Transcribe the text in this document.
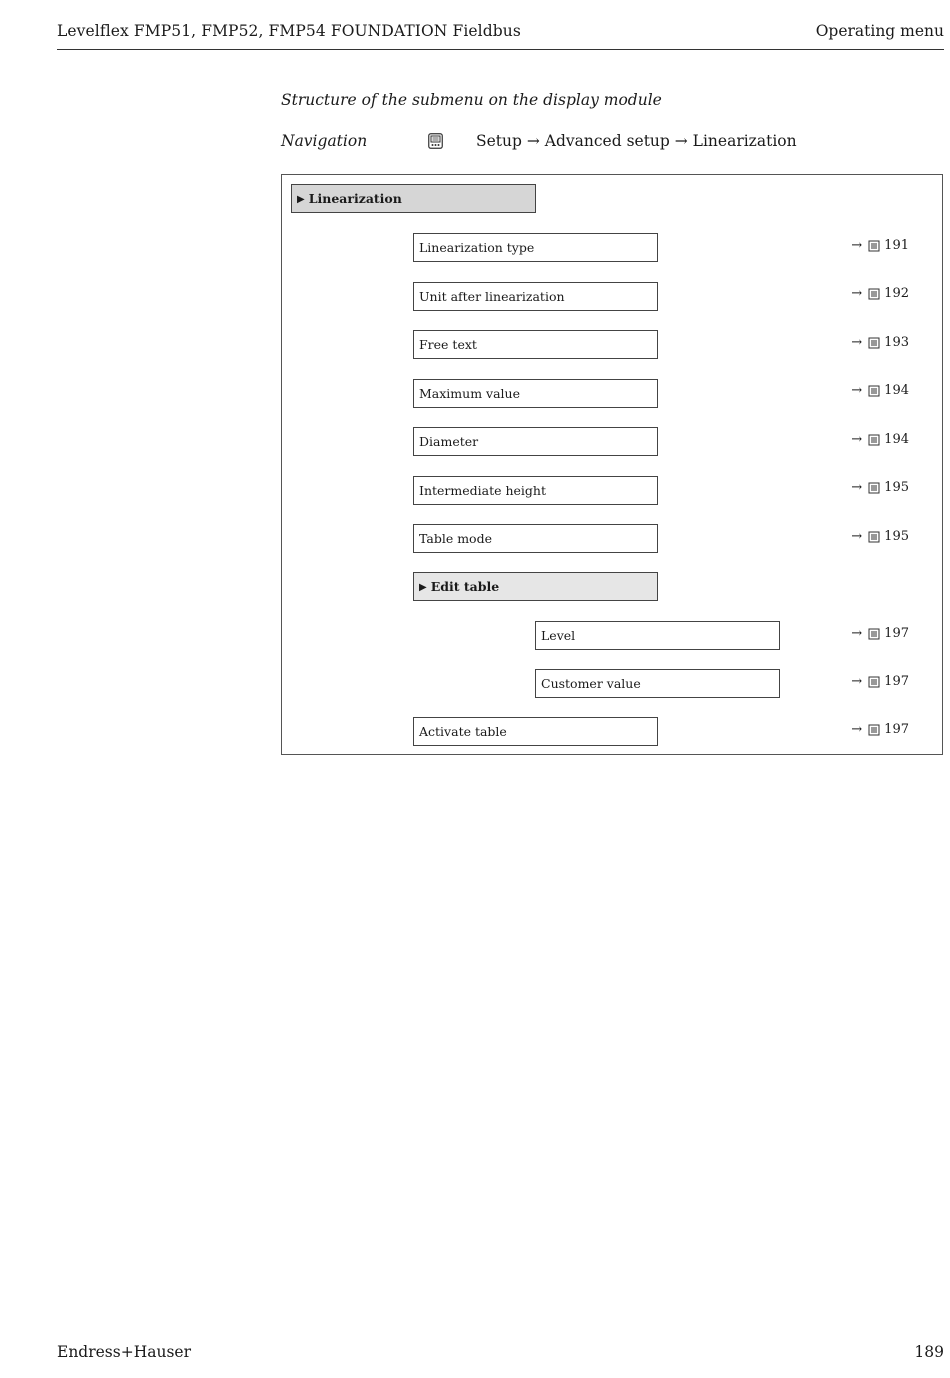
Levelflex FMP51, FMP52, FMP54 FOUNDATION Fieldbus	Operating menu
Structure of the submenu on the display module
Navigation	Setup → Advanced setup → Linearization
▶ Linearization
Linearization type	→ 191
Unit after linearization	→ 192
Free text	→ 193
Maximum value	→ 194
Diameter	→ 194
Intermediate height	→ 195
Table mode	→ 195
▶ Edit table
Level	→ 197
Customer value	→ 197
Activate table	→ 197
Endress+Hauser	189
